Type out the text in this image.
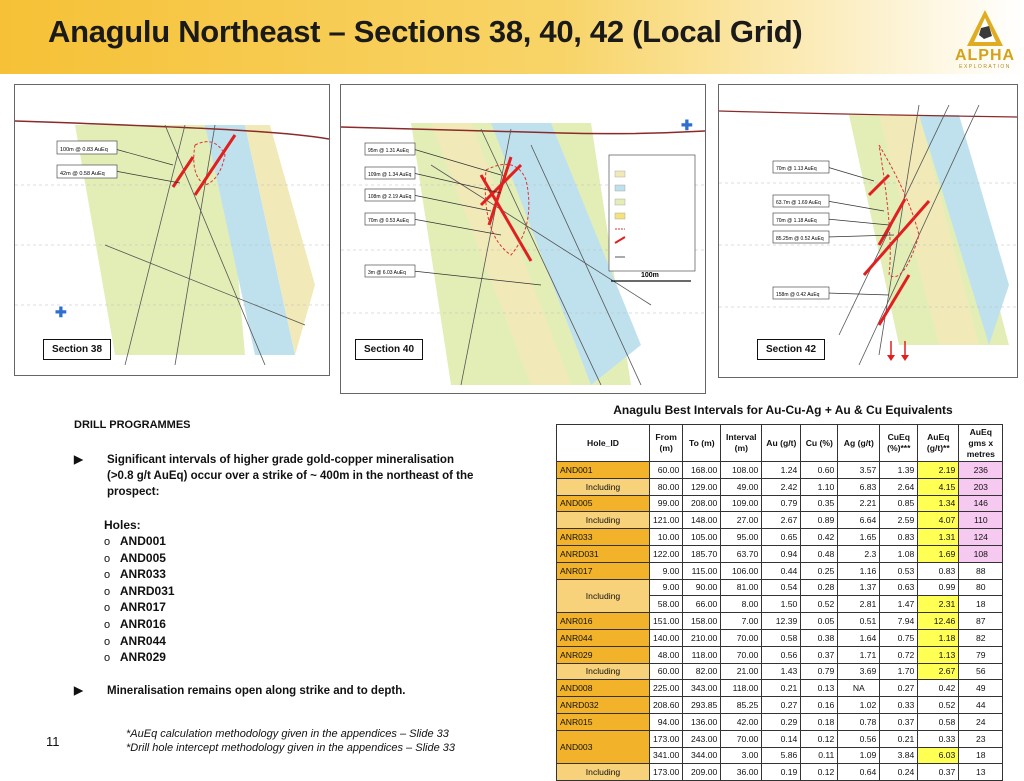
Anagulu Northeast – Sections 38, 40, 42 (Local Grid)
ALPHA
EXPLORATION
100m @ 0.83 AuEq
42m @ 0.58 AuEq
✚
Section 38
95m @ 1.31 AuEq
109m @ 1.34 AuEq
108m @ 2.19 AuEq
70m @ 0.53 AuEq
3m @ 6.03 AuEq	100m
✚
Section 40
70m @ 1.13 AuEq
63.7m @ 1.69 AuEq
70m @ 1.18 AuEq
85.25m @ 0.52 AuEq
158m @ 0.42 AuEq
Section 42
DRILL PROGRAMMES
▶ Significant intervals of higher grade gold-copper mineralisation (>0.8 g/t AuEq) occur over a strike of ~ 400m in the northeast of the prospect:
Holes:
o AND001
o AND005
o ANR033
o ANRD031
o ANR017
o ANR016
o ANR044
o ANR029
▶ Mineralisation remains open along strike and to depth.
11	*AuEq calculation methodology given in the appendices – Slide 33
*Drill hole intercept methodology given in the appendices – Slide 33
Anagulu Best Intervals for Au-Cu-Ag + Au & Cu Equivalents
Hole_ID	From (m)	To (m)	Interval (m)	Au (g/t)	Cu (%)	Ag (g/t)	CuEq (%)***	AuEq (g/t)**	AuEq gms x metres
AND001	60.00	168.00	108.00	1.24	0.60	3.57	1.39	2.19	236
Including	80.00	129.00	49.00	2.42	1.10	6.83	2.64	4.15	203
AND005	99.00	208.00	109.00	0.79	0.35	2.21	0.85	1.34	146
Including	121.00	148.00	27.00	2.67	0.89	6.64	2.59	4.07	110
ANR033	10.00	105.00	95.00	0.65	0.42	1.65	0.83	1.31	124
ANRD031	122.00	185.70	63.70	0.94	0.48	2.3	1.08	1.69	108
ANR017	9.00	115.00	106.00	0.44	0.25	1.16	0.53	0.83	88
Including	9.00	90.00	81.00	0.54	0.28	1.37	0.63	0.99	80
	58.00	66.00	8.00	1.50	0.52	2.81	1.47	2.31	18
ANR016	151.00	158.00	7.00	12.39	0.05	0.51	7.94	12.46	87
ANR044	140.00	210.00	70.00	0.58	0.38	1.64	0.75	1.18	82
ANR029	48.00	118.00	70.00	0.56	0.37	1.71	0.72	1.13	79
Including	60.00	82.00	21.00	1.43	0.79	3.69	1.70	2.67	56
AND008	225.00	343.00	118.00	0.21	0.13	NA	0.27	0.42	49
ANRD032	208.60	293.85	85.25	0.27	0.16	1.02	0.33	0.52	44
ANR015	94.00	136.00	42.00	0.29	0.18	0.78	0.37	0.58	24
AND003	173.00	243.00	70.00	0.14	0.12	0.56	0.21	0.33	23
	341.00	344.00	3.00	5.86	0.11	1.09	3.84	6.03	18
Including	173.00	209.00	36.00	0.19	0.12	0.64	0.24	0.37	13
